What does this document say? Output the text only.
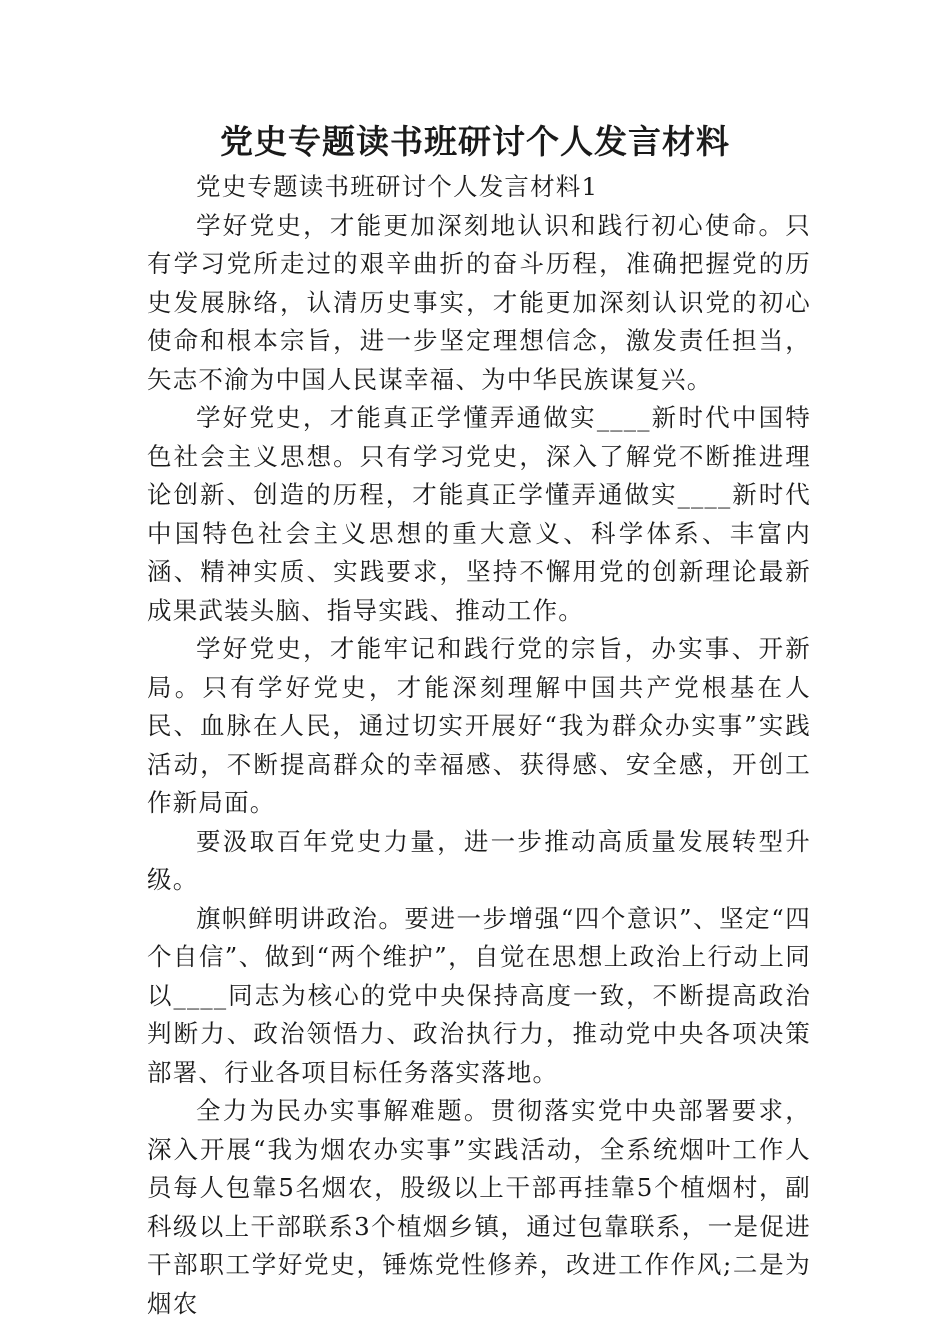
党史专题读书班研讨个人发言材料

党史专题读书班研讨个人发言材料1

学好党史，才能更加深刻地认识和践行初心使命。只有学习党所走过的艰辛曲折的奋斗历程，准确把握党的历史发展脉络，认清历史事实，才能更加深刻认识党的初心使命和根本宗旨，进一步坚定理想信念，激发责任担当，矢志不渝为中国人民谋幸福、为中华民族谋复兴。

学好党史，才能真正学懂弄通做实____新时代中国特色社会主义思想。只有学习党史，深入了解党不断推进理论创新、创造的历程，才能真正学懂弄通做实____新时代中国特色社会主义思想的重大意义、科学体系、丰富内涵、精神实质、实践要求，坚持不懈用党的创新理论最新成果武装头脑、指导实践、推动工作。

学好党史，才能牢记和践行党的宗旨，办实事、开新局。只有学好党史，才能深刻理解中国共产党根基在人民、血脉在人民，通过切实开展好“我为群众办实事”实践活动，不断提高群众的幸福感、获得感、安全感，开创工作新局面。

要汲取百年党史力量，进一步推动高质量发展转型升级。

旗帜鲜明讲政治。要进一步增强“四个意识”、坚定“四个自信”、做到“两个维护”，自觉在思想上政治上行动上同以____同志为核心的党中央保持高度一致，不断提高政治判断力、政治领悟力、政治执行力，推动党中央各项决策部署、行业各项目标任务落实落地。

全力为民办实事解难题。贯彻落实党中央部署要求，深入开展“我为烟农办实事”实践活动，全系统烟叶工作人员每人包靠5名烟农，股级以上干部再挂靠5个植烟村，副科级以上干部联系3个植烟乡镇，通过包靠联系，一是促进干部职工学好党史，锤炼党性修养，改进工作作风;二是为烟农
